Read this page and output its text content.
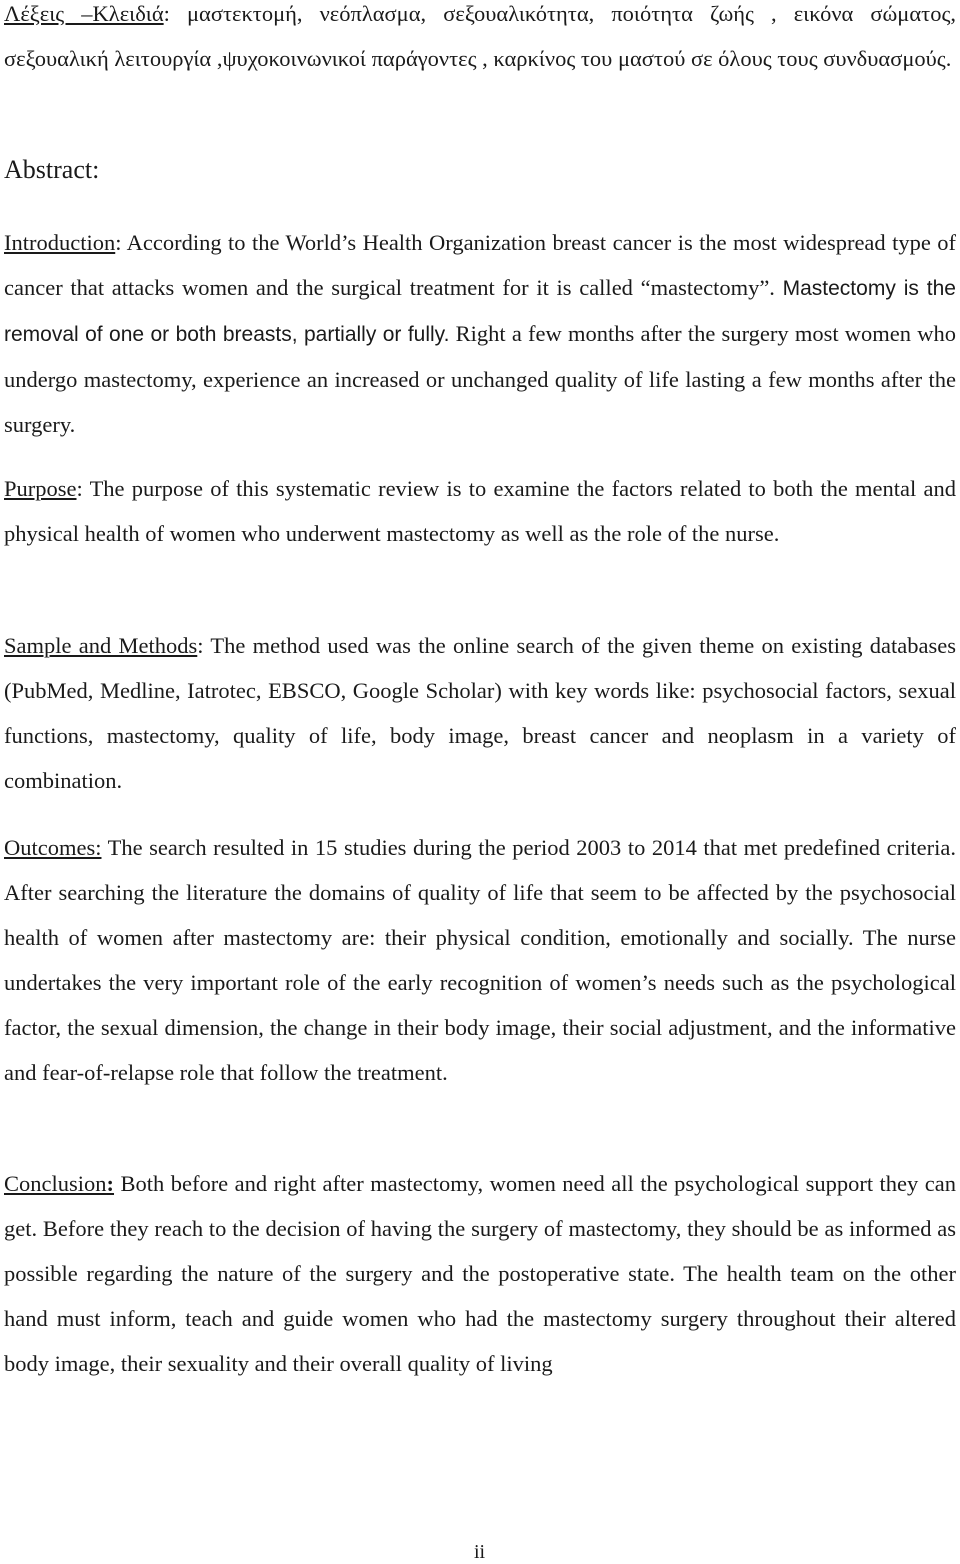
Λέξεις –Κλειδιά: μαστεκτομή, νεόπλασμα, σεξουαλικότητα, ποιότητα ζωής , εικόνα σώματος, σεξουαλική λειτουργία ,ψυχοκοινωνικοί παράγοντες , καρκίνος του μαστού σε όλους τους συνδυασμούς.

Abstract:

Introduction: According to the World’s Health Organization breast cancer is the most widespread type of cancer that attacks women and the surgical treatment for it is called “mastectomy”. Mastectomy is the removal of one or both breasts, partially or fully. Right a few months after the surgery most women who undergo mastectomy, experience an increased or unchanged quality of life lasting a few months after the surgery.

Purpose: The purpose of this systematic review is to examine the factors related to both the mental and physical health of women who underwent mastectomy as well as the role of the nurse.

Sample and Methods: The method used was the online search of the given theme on existing databases (PubMed, Medline, Iatrotec, EBSCO, Google Scholar) with key words like: psychosocial factors, sexual functions, mastectomy, quality of life, body image, breast cancer and neoplasm in a variety of combination.

Outcomes: The search resulted in 15 studies during the period 2003 to 2014 that met predefined criteria. After searching the literature the domains of quality of life that seem to be affected by the psychosocial health of women after mastectomy are: their physical condition, emotionally and socially. The nurse undertakes the very important role of the early recognition of women’s needs such as the psychological factor, the sexual dimension, the change in their body image, their social adjustment, and the informative and fear-of-relapse role that follow the treatment.

Conclusion: Both before and right after mastectomy, women need all the psychological support they can get. Before they reach to the decision of having the surgery of mastectomy, they should be as informed as possible regarding the nature of the surgery and the postoperative state. The health team on the other hand must inform, teach and guide women who had the mastectomy surgery throughout their altered body image, their sexuality and their overall quality of living

ii
